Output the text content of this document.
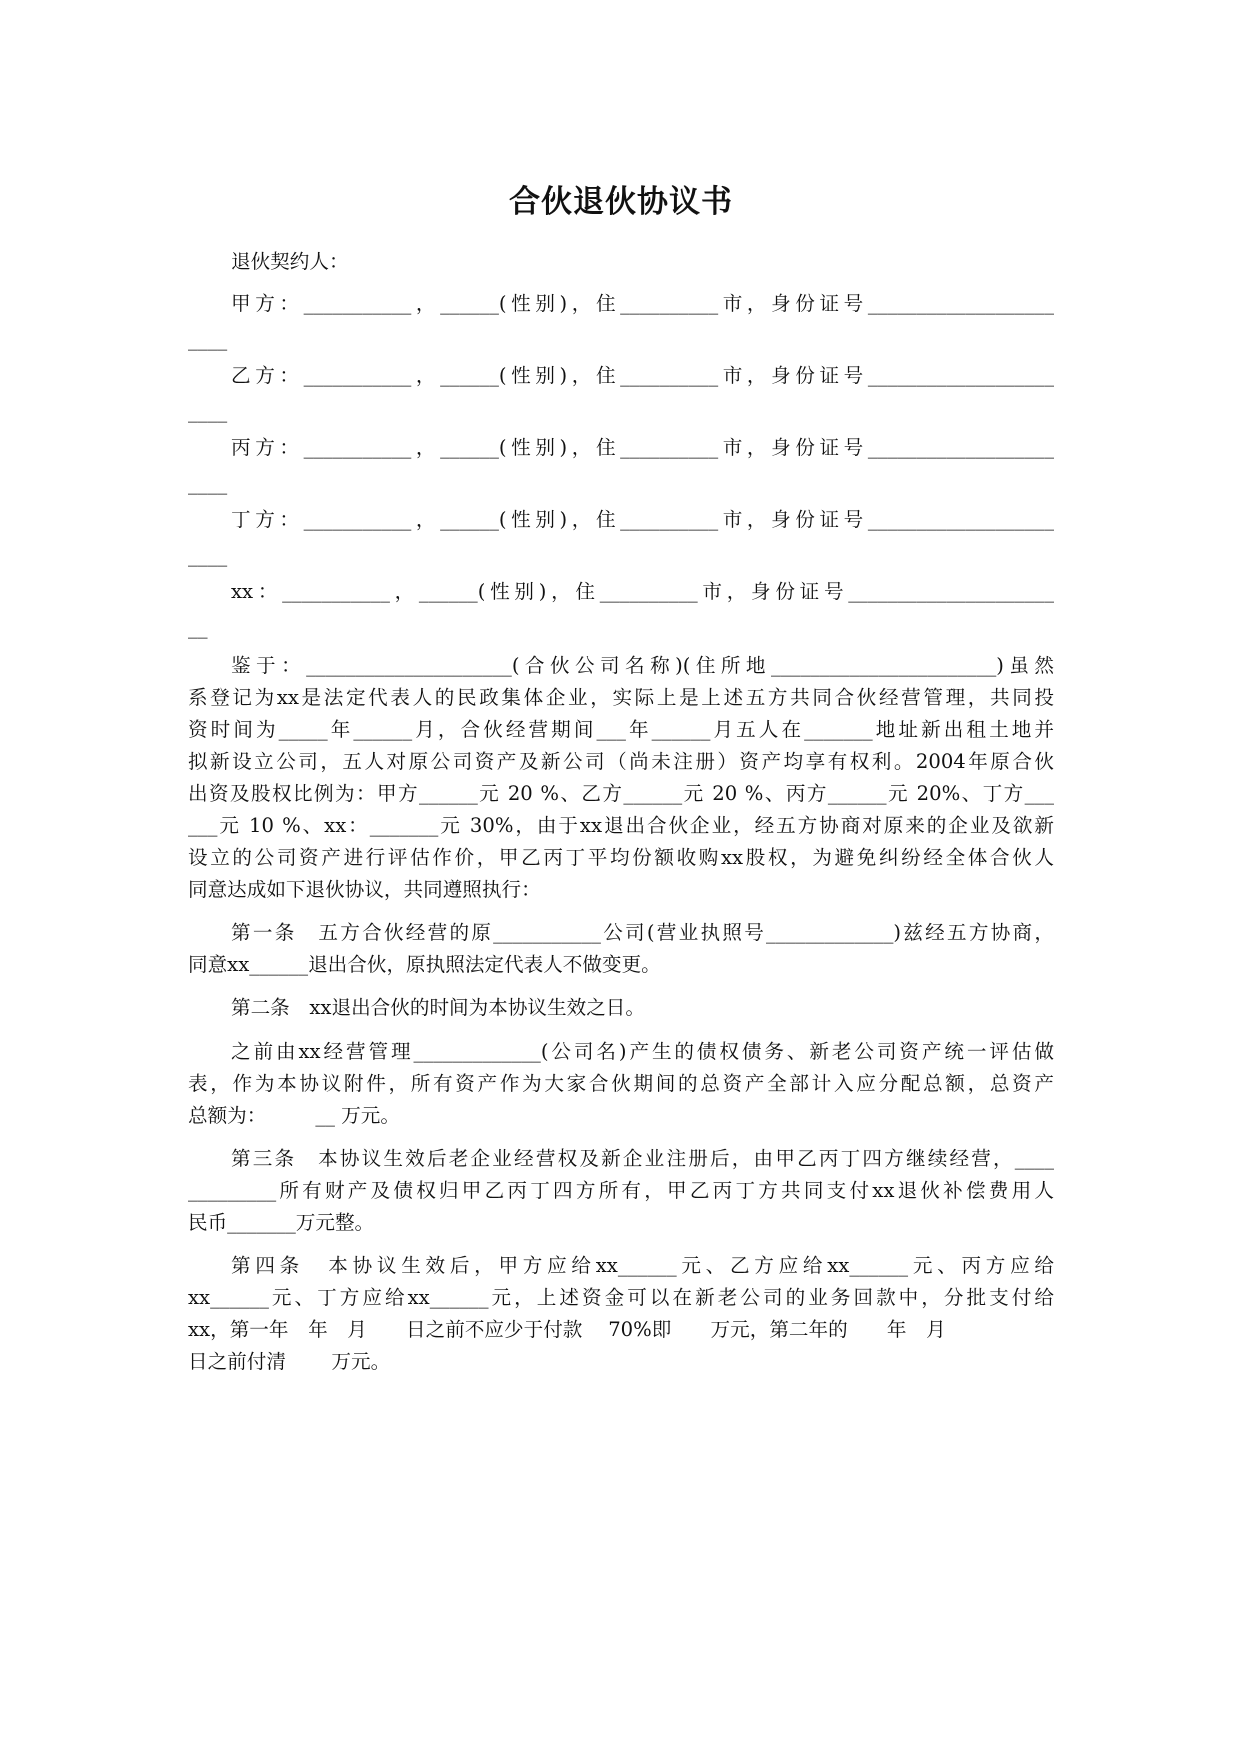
合伙退伙协议书
退伙契约人：
甲方：___________，______(性别)，住__________市，身份证号___________________
____
乙方：___________，______(性别)，住__________市，身份证号___________________
____
丙方：___________，______(性别)，住__________市，身份证号___________________
____
丁方：___________，______(性别)，住__________市，身份证号___________________
____
xx：___________，______(性别)，住__________市，身份证号_____________________
__
鉴于：_____________________(合伙公司名称)(住所地_______________________)虽然
系登记为xx是法定代表人的民政集体企业，实际上是上述五方共同合伙经营管理，共同投
资时间为_____年______月，合伙经营期间___年______月五人在_______地址新出租土地并
拟新设立公司，五人对原公司资产及新公司（尚未注册）资产均享有权利。2004年原合伙
出资及股权比例为：甲方______元 20 %、乙方______元 20 %、丙方______元 20%、丁方___
___元 10 %、xx：_______元 30%，由于xx退出合伙企业，经五方协商对原来的企业及欲新
设立的公司资产进行评估作价，甲乙丙丁平均份额收购xx股权，为避免纠纷经全体合伙人
同意达成如下退伙协议，共同遵照执行：
第一条　五方合伙经营的原___________公司(营业执照号_____________)兹经五方协商，
同意xx______退出合伙，原执照法定代表人不做变更。
第二条　xx退出合伙的时间为本协议生效之日。
之前由xx经营管理_____________(公司名)产生的债权债务、新老公司资产统一评估做
表，作为本协议附件，所有资产作为大家合伙期间的总资产全部计入应分配总额，总资产
总额为：　　　__ 万元。
第三条　本协议生效后老企业经营权及新企业注册后，由甲乙丙丁四方继续经营，____
_________所有财产及债权归甲乙丙丁四方所有，甲乙丙丁方共同支付xx退伙补偿费用人
民币_______万元整。
第四条　本协议生效后，甲方应给xx______元、乙方应给xx______元、丙方应给
xx______元、丁方应给xx______元，上述资金可以在新老公司的业务回款中，分批支付给
xx，第一年　年　月　　日之前不应少于付款　 70%即　　万元，第二年的　　年　月
日之前付清　　 万元。
